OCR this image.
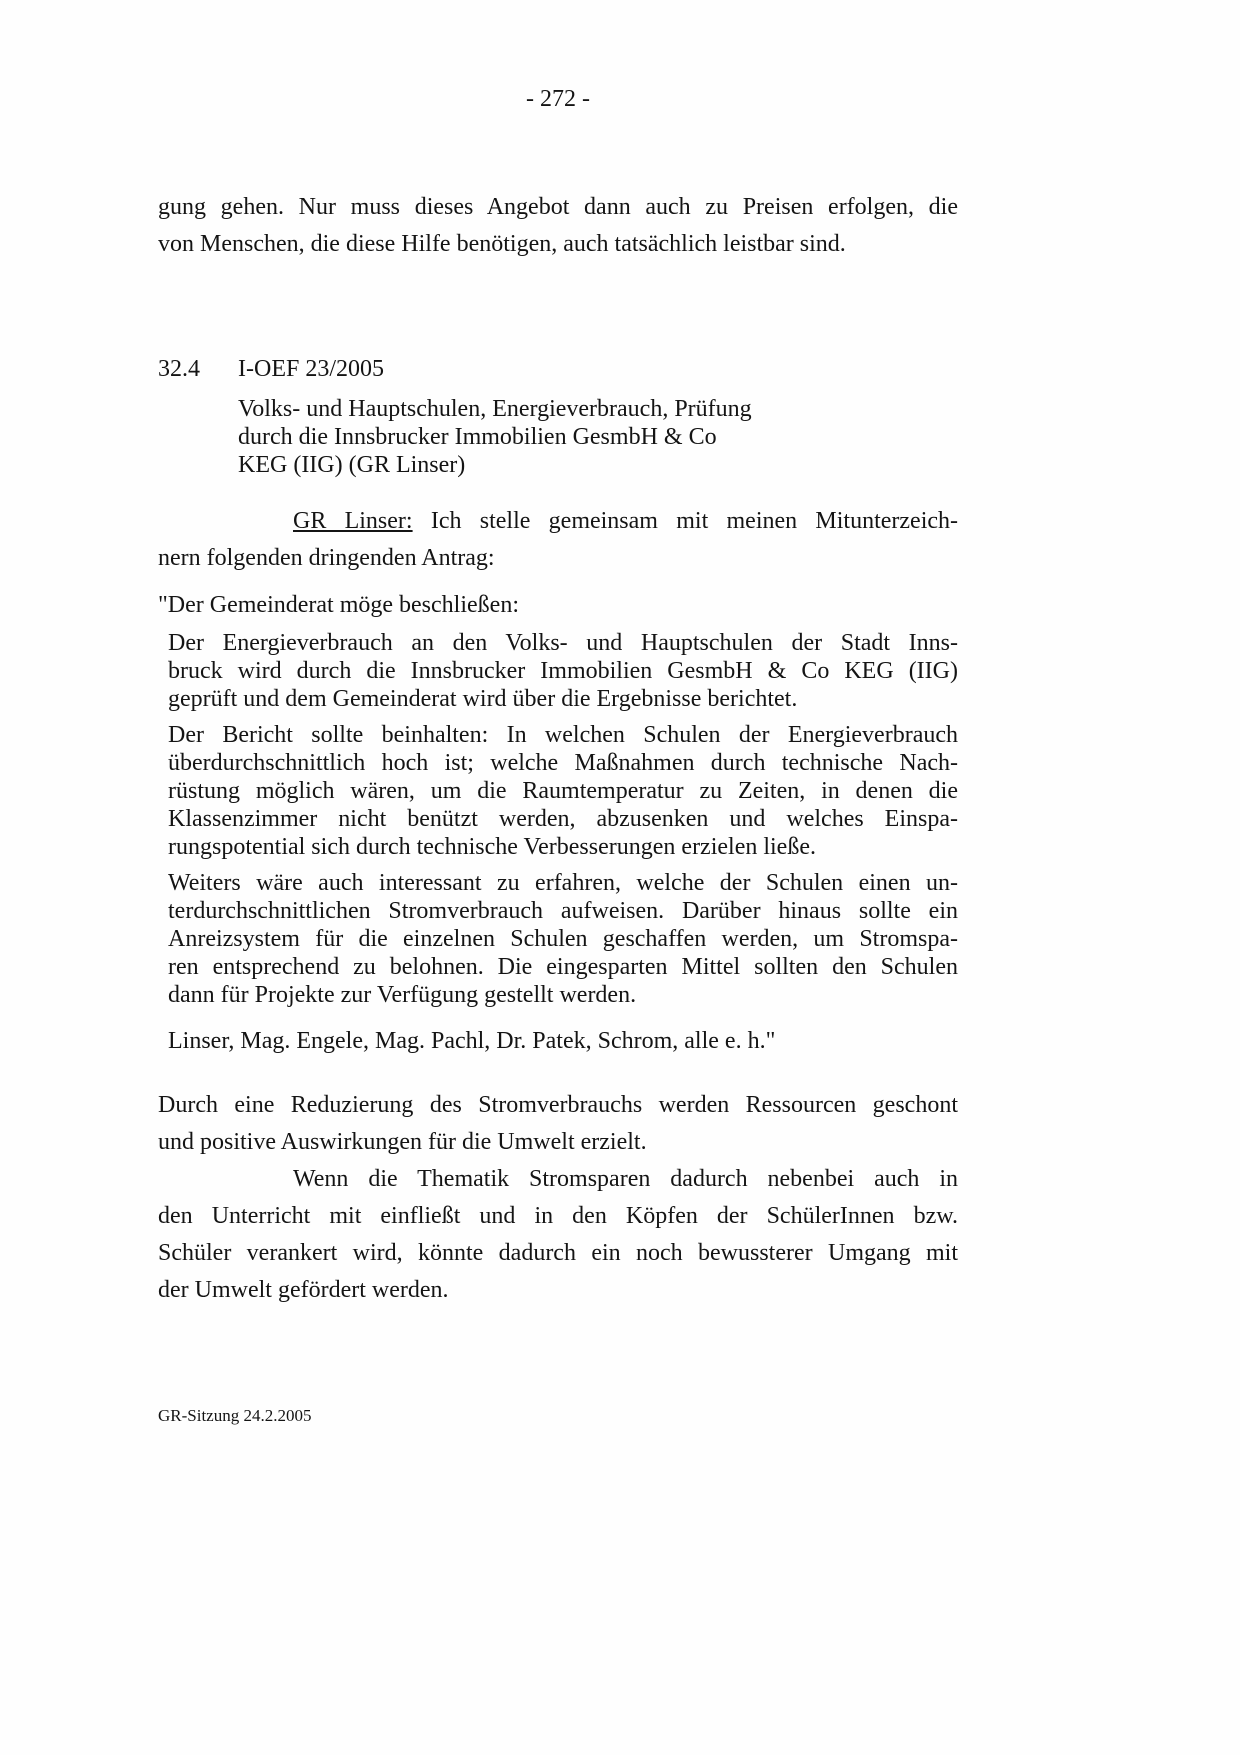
- 272 -

gung gehen. Nur muss dieses Angebot dann auch zu Preisen erfolgen, die
von Menschen, die diese Hilfe benötigen, auch tatsächlich leistbar sind.

32.4 I-OEF 23/2005

Volks- und Hauptschulen, Energieverbrauch, Prüfung
durch die Innsbrucker Immobilien GesmbH & Co
KEG (IIG) (GR Linser)

GR Linser: Ich stelle gemeinsam mit meinen Mitunterzeich-
nern folgenden dringenden Antrag:

"Der Gemeinderat möge beschließen:

Der Energieverbrauch an den Volks- und Hauptschulen der Stadt Inns-
bruck wird durch die Innsbrucker Immobilien GesmbH & Co KEG (IIG)
geprüft und dem Gemeinderat wird über die Ergebnisse berichtet.

Der Bericht sollte beinhalten: In welchen Schulen der Energieverbrauch
überdurchschnittlich hoch ist; welche Maßnahmen durch technische Nach-
rüstung möglich wären, um die Raumtemperatur zu Zeiten, in denen die
Klassenzimmer nicht benützt werden, abzusenken und welches Einspa-
rungspotential sich durch technische Verbesserungen erzielen ließe.

Weiters wäre auch interessant zu erfahren, welche der Schulen einen un-
terdurchschnittlichen Stromverbrauch aufweisen. Darüber hinaus sollte ein
Anreizsystem für die einzelnen Schulen geschaffen werden, um Stromspa-
ren entsprechend zu belohnen. Die eingesparten Mittel sollten den Schulen
dann für Projekte zur Verfügung gestellt werden.

Linser, Mag. Engele, Mag. Pachl, Dr. Patek, Schrom, alle e. h."

Durch eine Reduzierung des Stromverbrauchs werden Ressourcen geschont
und positive Auswirkungen für die Umwelt erzielt.

Wenn die Thematik Stromsparen dadurch nebenbei auch in
den Unterricht mit einfließt und in den Köpfen der SchülerInnen bzw.
Schüler verankert wird, könnte dadurch ein noch bewussterer Umgang mit
der Umwelt gefördert werden.

GR-Sitzung 24.2.2005
